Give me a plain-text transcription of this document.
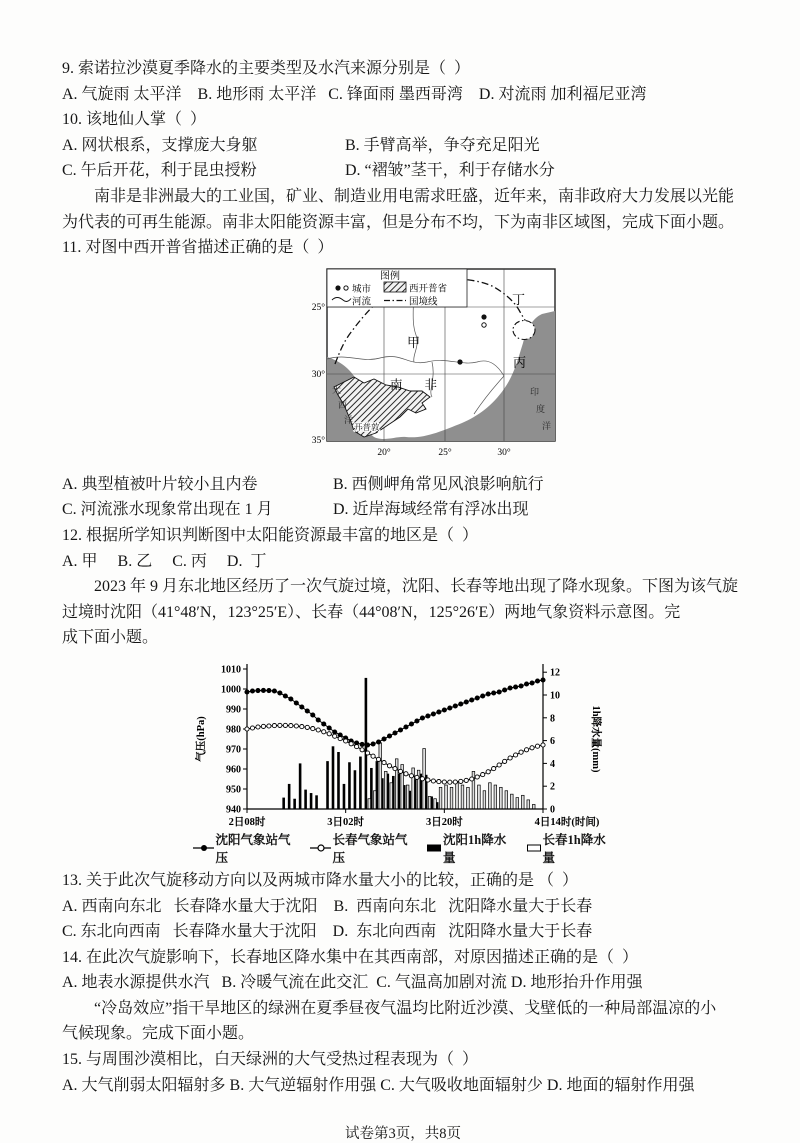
9. 索诺拉沙漠夏季降水的主要类型及水汽来源分别是（  ）

A. 气旋雨 太平洋    B. 地形雨 太平洋   C. 锋面雨 墨西哥湾    D. 对流雨 加利福尼亚湾

10. 该地仙人掌（  ）

A. 网状根系，支撑庞大身躯	B. 手臂高举，争夺充足阳光
C. 午后开花，利于昆虫授粉	D. “褶皱”茎干，利于存储水分

南非是非洲最大的工业国，矿业、制造业用电需求旺盛，近年来，南非政府大力发展以光能

为代表的可再生能源。南非太阳能资源丰富，但是分布不均，下为南非区域图，完成下面小题。

11. 对图中西开普省描述正确的是（  ）

甲
乙
丙
丁
南非
开普敦
大
西
洋
印
度
洋
25°
30°
35°
20°	25°	30°
图例
城市	西开普省
河流	国境线
A. 典型植被叶片较小且内卷	B. 西侧岬角常见风浪影响航行
C. 河流涨水现象常出现在 1 月	D. 近岸海域经常有浮冰出现

12. 根据所学知识判断图中太阳能资源最丰富的地区是（  ）

A. 甲     B. 乙     C. 丙     D.  丁

2023 年 9 月东北地区经历了一次气旋过境，沈阳、长春等地出现了降水现象。下图为该气旋

过境时沈阳（41°48′N，123°25′E）、长春（44°08′N，125°26′E）两地气象资料示意图。完

成下面小题。

940
950
960
970
980
990
1000
1010
0
2
4
6
8
10
12
2日08时	3日02时	3日20时	4日14时(时间)
气压(hPa)	1h降水量(mm)
沈阳气象站气压
长春气象站气压
沈阳1h降水量
长春1h降水量

13. 关于此次气旋移动方向以及两城市降水量大小的比较，正确的是 （  ）

A. 西南向东北   长春降水量大于沈阳    B.  西南向东北   沈阳降水量大于长春

C. 东北向西南   长春降水量大于沈阳    D.  东北向西南   沈阳降水量大于长春

14. 在此次气旋影响下，长春地区降水集中在其西南部，对原因描述正确的是（  ）

A. 地表水源提供水汽   B. 冷暖气流在此交汇  C. 气温高加剧对流 D. 地形抬升作用强

“冷岛效应”指干旱地区的绿洲在夏季昼夜气温均比附近沙漠、戈壁低的一种局部温凉的小

气候现象。完成下面小题。

15. 与周围沙漠相比，白天绿洲的大气受热过程表现为（  ）

A. 大气削弱太阳辐射多 B. 大气逆辐射作用强 C. 大气吸收地面辐射少 D. 地面的辐射作用强

试卷第3页，共8页
